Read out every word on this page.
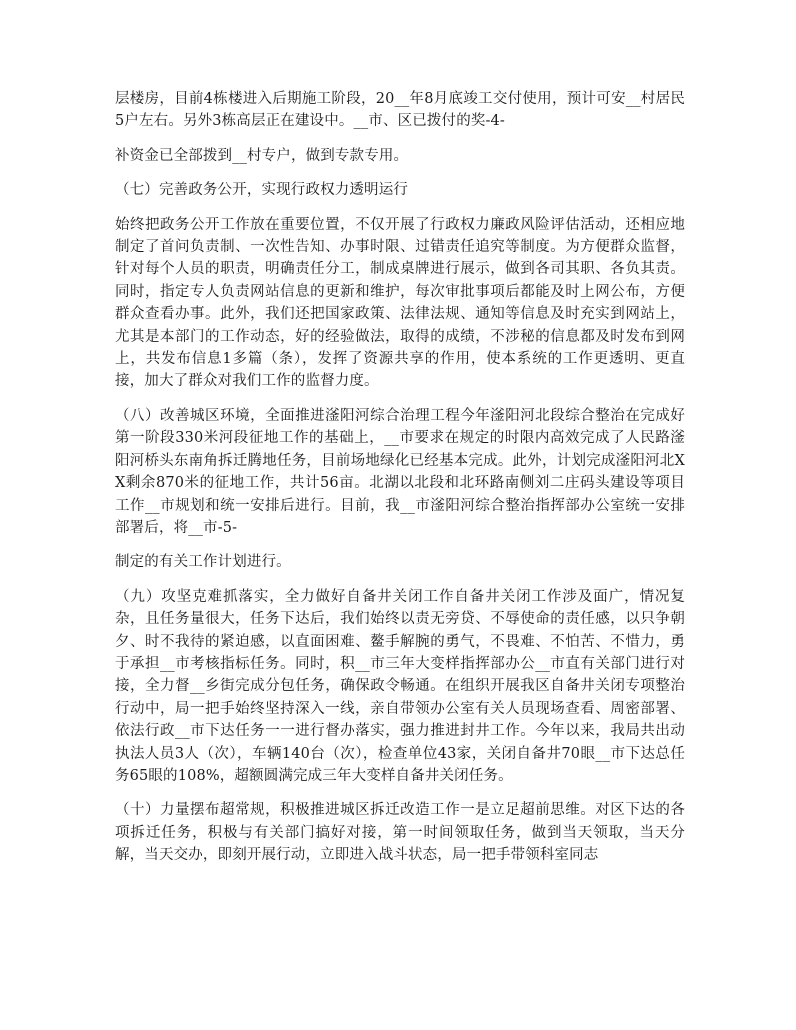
层楼房，目前4栋楼进入后期施工阶段，20__年8月底竣工交付使用，预计可安__村居民5户左右。另外3栋高层正在建设中。__市、区已拨付的奖-4-

补资金已全部拨到__村专户，做到专款专用。

（七）完善政务公开，实现行政权力透明运行

始终把政务公开工作放在重要位置，不仅开展了行政权力廉政风险评估活动，还相应地制定了首问负责制、一次性告知、办事时限、过错责任追究等制度。为方便群众监督，针对每个人员的职责，明确责任分工，制成桌牌进行展示，做到各司其职、各负其责。同时，指定专人负责网站信息的更新和维护，每次审批事项后都能及时上网公布，方便群众查看办事。此外，我们还把国家政策、法律法规、通知等信息及时充实到网站上，尤其是本部门的工作动态，好的经验做法，取得的成绩，不涉秘的信息都及时发布到网上，共发布信息1多篇（条），发挥了资源共享的作用，使本系统的工作更透明、更直接，加大了群众对我们工作的监督力度。

（八）改善城区环境，全面推进滏阳河综合治理工程今年滏阳河北段综合整治在完成好第一阶段330米河段征地工作的基础上，__市要求在规定的时限内高效完成了人民路滏阳河桥头东南角拆迁腾地任务，目前场地绿化已经基本完成。此外，计划完成滏阳河北XX剩余870米的征地工作，共计56亩。北湖以北段和北环路南侧刘二庄码头建设等项目工作__市规划和统一安排后进行。目前，我__市滏阳河综合整治指挥部办公室统一安排部署后，将__市-5-

制定的有关工作计划进行。

（九）攻坚克难抓落实，全力做好自备井关闭工作自备井关闭工作涉及面广，情况复杂，且任务量很大，任务下达后，我们始终以责无旁贷、不辱使命的责任感，以只争朝夕、时不我待的紧迫感，以直面困难、鳌手解腕的勇气，不畏难、不怕苦、不惜力，勇于承担__市考核指标任务。同时，积__市三年大变样指挥部办公__市直有关部门进行对接，全力督__乡街完成分包任务，确保政令畅通。在组织开展我区自备井关闭专项整治行动中，局一把手始终坚持深入一线，亲自带领办公室有关人员现场查看、周密部署、依法行政__市下达任务一一进行督办落实，强力推进封井工作。今年以来，我局共出动执法人员3人（次），车辆140台（次），检查单位43家，关闭自备井70眼__市下达总任务65眼的108%，超额圆满完成三年大变样自备井关闭任务。

（十）力量摆布超常规，积极推进城区拆迁改造工作一是立足超前思维。对区下达的各项拆迁任务，积极与有关部门搞好对接，第一时间领取任务，做到当天领取，当天分解，当天交办，即刻开展行动，立即进入战斗状态，局一把手带领科室同志
